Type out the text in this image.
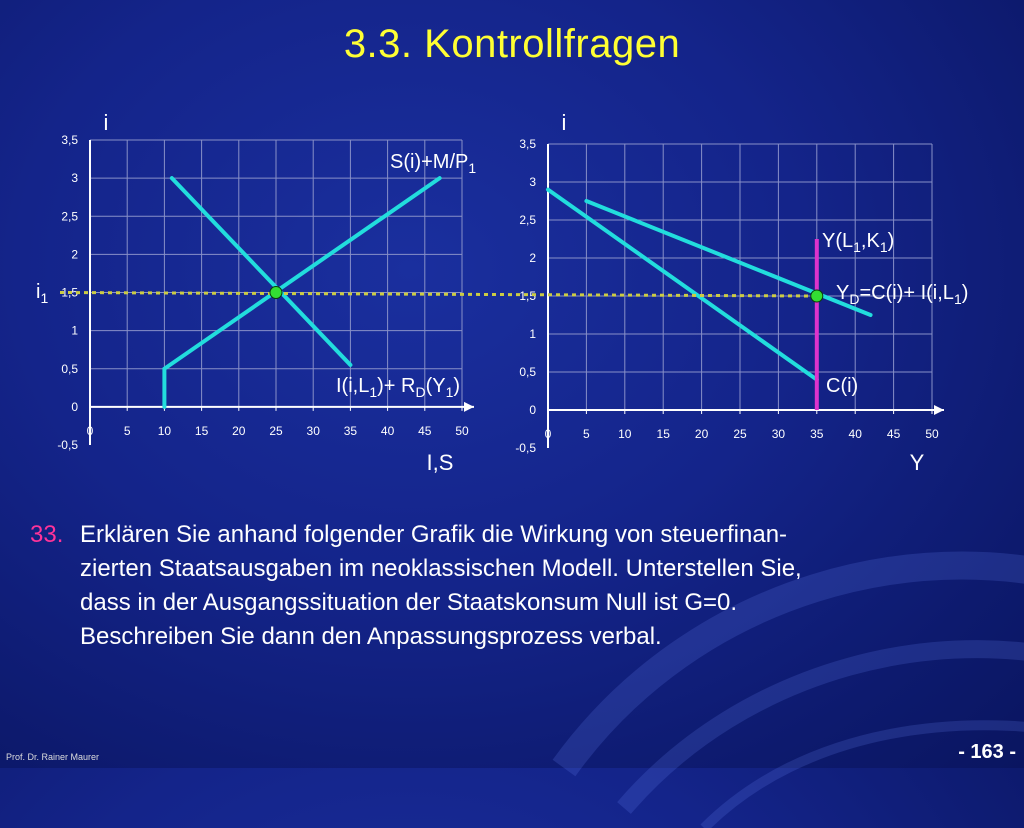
3.3. Kontrollfragen
0	5 10 15 20 25 30 35 40 45 50
-0,5
0
0,5
1
1,5
2
2,5
3
3,5
i
I,S
0	5 10 15 20 25 30 35 40 45 50
-0,5
0
0,5
1
1,5
2
2,5
3
3,5
i
Y
$S(i)+M/P_1$
$I(i,L_1)+ R_D(Y_1)$
$i_1$
$Y(L_1,K_1)$
$Y_D=C(i)+ I(i,L_1)$
C(i)
33. Erklären Sie anhand folgender Grafik die Wirkung von steuerfinan-
zierten Staatsausgaben im neoklassischen Modell. Unterstellen Sie,
dass in der Ausgangssituation der Staatskonsum Null ist G=0.
Beschreiben Sie dann den Anpassungsprozess verbal.
Prof. Dr. Rainer Maurer	- 163 -
